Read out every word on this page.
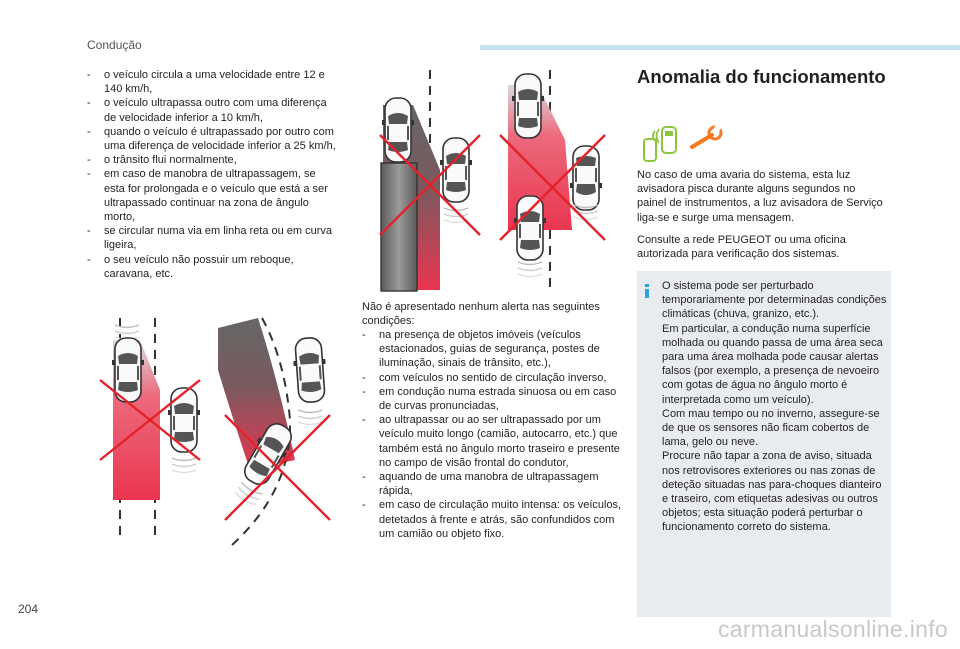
Condução
- o veículo circula a uma velocidade entre 12 e 140 km/h,
- o veículo ultrapassa outro com uma diferença de velocidade inferior a 10 km/h,
- quando o veículo é ultrapassado por outro com uma diferença de velocidade inferior a 25 km/h,
- o trânsito flui normalmente,
- em caso de manobra de ultrapassagem, se esta for prolongada e o veículo que está a ser ultrapassado continuar na zona de ângulo morto,
- se circular numa via em linha reta ou em curva ligeira,
- o seu veículo não possuir um reboque, caravana, etc.
Não é apresentado nenhum alerta nas seguintes condições:
- na presença de objetos imóveis (veículos estacionados, guias de segurança, postes de iluminação, sinais de trânsito, etc.),
- com veículos no sentido de circulação inverso,
- em condução numa estrada sinuosa ou em caso de curvas pronunciadas,
- ao ultrapassar ou ao ser ultrapassado por um veículo muito longo (camião, autocarro, etc.) que também está no ângulo morto traseiro e presente no campo de visão frontal do condutor,
- aquando de uma manobra de ultrapassagem rápida,
- em caso de circulação muito intensa: os veículos, detetados à frente e atrás, são confundidos com um camião ou objeto fixo.
Anomalia do funcionamento
No caso de uma avaria do sistema, esta luz avisadora pisca durante alguns segundos no painel de instrumentos, a luz avisadora de Serviço liga-se e surge uma mensagem.
Consulte a rede PEUGEOT ou uma oficina autorizada para verificação dos sistemas.
O sistema pode ser perturbado temporariamente por determinadas condições climáticas (chuva, granizo, etc.).
Em particular, a condução numa superfície molhada ou quando passa de uma área seca para uma área molhada pode causar alertas falsos (por exemplo, a presença de nevoeiro com gotas de água no ângulo morto é interpretada como um veículo).
Com mau tempo ou no inverno, assegure-se de que os sensores não ficam cobertos de lama, gelo ou neve.
Procure não tapar a zona de aviso, situada nos retrovisores exteriores ou nas zonas de deteção situadas nas para-choques dianteiro e traseiro, com etiquetas adesivas ou outros objetos; esta situação poderá perturbar o funcionamento correto do sistema.
204
carmanualsonline.info
